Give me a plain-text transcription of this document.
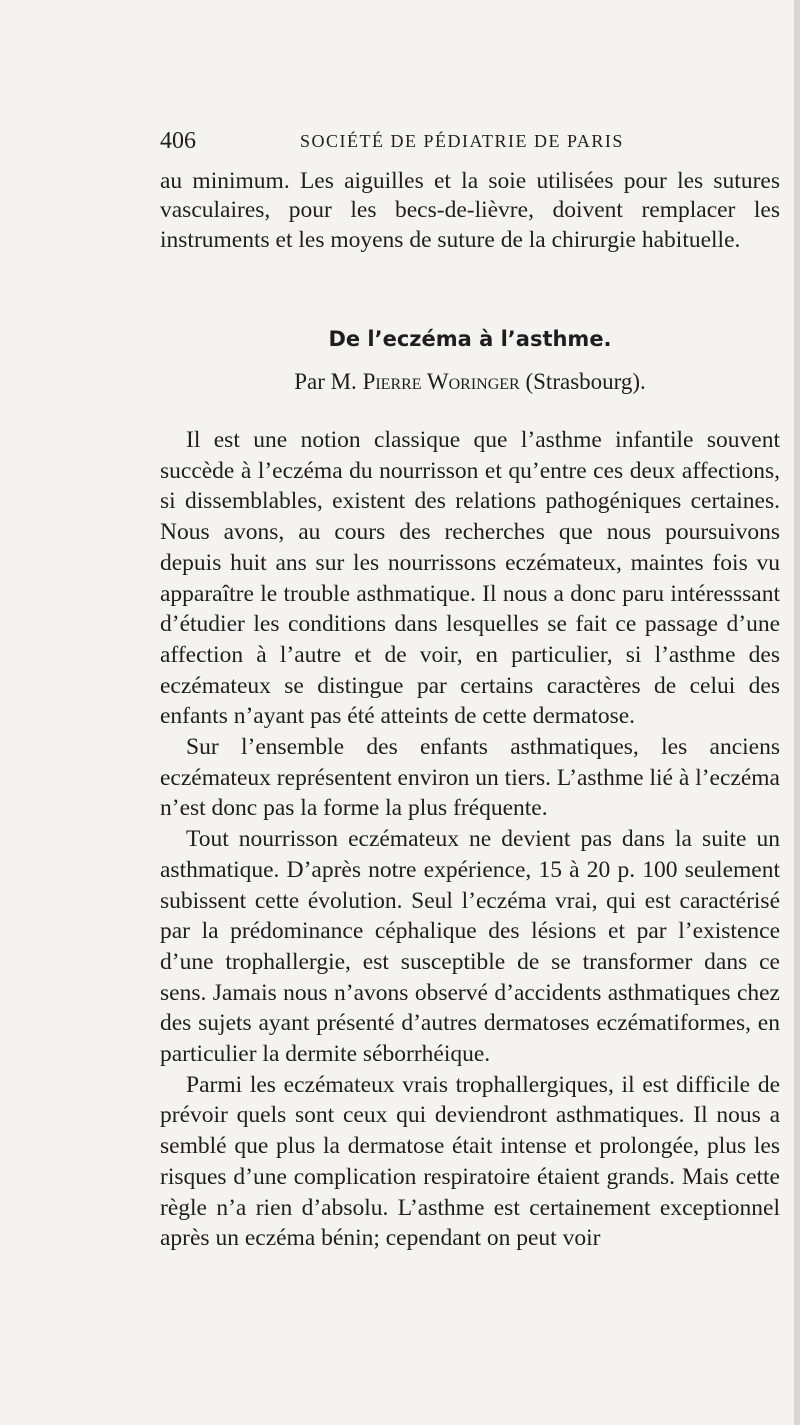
406	SOCIÉTÉ DE PÉDIATRIE DE PARIS

au minimum. Les aiguilles et la soie utilisées pour les sutures vasculaires, pour les becs-de-lièvre, doivent remplacer les instruments et les moyens de suture de la chirurgie habituelle.

De l’eczéma à l’asthme.

Par M. Pierre Woringer (Strasbourg).

Il est une notion classique que l’asthme infantile souvent succède à l’eczéma du nourrisson et qu’entre ces deux affections, si dissemblables, existent des relations pathogéniques certaines. Nous avons, au cours des recherches que nous poursuivons depuis huit ans sur les nourrissons eczémateux, maintes fois vu apparaître le trouble asthmatique. Il nous a donc paru intéresssant d’étudier les conditions dans lesquelles se fait ce passage d’une affection à l’autre et de voir, en particulier, si l’asthme des eczémateux se distingue par certains caractères de celui des enfants n’ayant pas été atteints de cette dermatose.

Sur l’ensemble des enfants asthmatiques, les anciens eczémateux représentent environ un tiers. L’asthme lié à l’eczéma n’est donc pas la forme la plus fréquente.

Tout nourrisson eczémateux ne devient pas dans la suite un asthmatique. D’après notre expérience, 15 à 20 p. 100 seulement subissent cette évolution. Seul l’eczéma vrai, qui est caractérisé par la prédominance céphalique des lésions et par l’existence d’une trophallergie, est susceptible de se transformer dans ce sens. Jamais nous n’avons observé d’accidents asthmatiques chez des sujets ayant présenté d’autres dermatoses eczématiformes, en particulier la dermite séborrhéique.

Parmi les eczémateux vrais trophallergiques, il est difficile de prévoir quels sont ceux qui deviendront asthmatiques. Il nous a semblé que plus la dermatose était intense et prolongée, plus les risques d’une complication respiratoire étaient grands. Mais cette règle n’a rien d’absolu. L’asthme est certainement exceptionnel après un eczéma bénin; cependant on peut voir
